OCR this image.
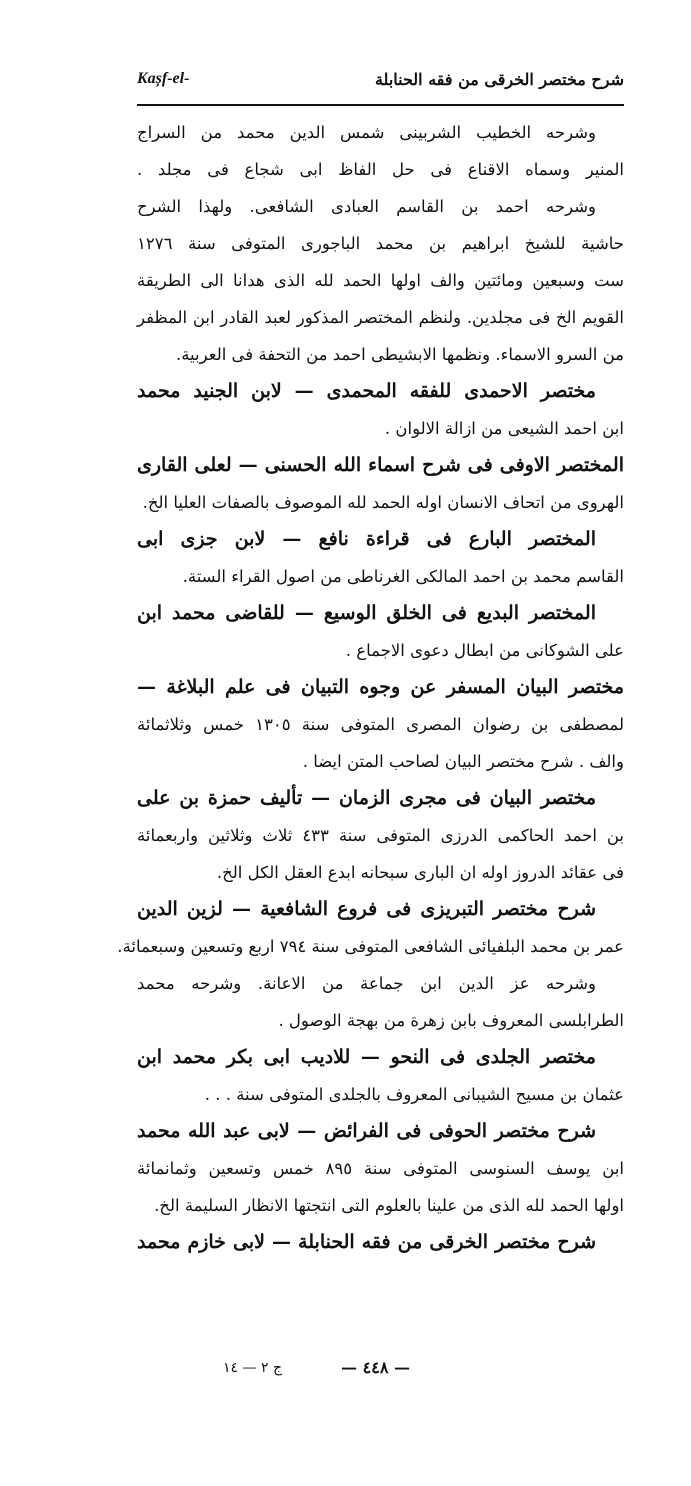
Kașf-el-	شرح مختصر الخرقى من فقه الحنابلة
وشرحه الخطيب الشربينى شمس الدين محمد من السراج
المنير وسماه الاقناع فى حل الفاظ ابى شجاع فى مجلد .
وشرحه احمد بن القاسم العبادى الشافعى. ولهذا الشرح
حاشية للشيخ ابراهيم بن محمد الباجورى المتوفى سنة ١٢٧٦
ست وسبعين ومائتين والف اولها الحمد لله الذى هدانا الى الطريقة
القويم الخ فى مجلدين. ولنظم المختصر المذكور لعبد القادر ابن المظفر
من السرو الاسماء. ونظمها الابشيطى احمد من التحفة فى العربية.
مختصر الاحمدى للفقه المحمدى — لابن الجنيد محمد
ابن احمد الشيعى من ازالة الالوان .
المختصر الاوفى فى شرح اسماء الله الحسنى — لعلى القارى
الهروى من اتحاف الانسان اوله الحمد لله الموصوف بالصفات العليا الخ.
المختصر البارع فى قراءة نافع — لابن جزى ابى
القاسم محمد بن احمد المالكى الغرناطى من اصول القراء الستة.
المختصر البديع فى الخلق الوسيع — للقاضى محمد ابن
على الشوكانى من ابطال دعوى الاجماع .
مختصر البيان المسفر عن وجوه التبيان فى علم البلاغة —
لمصطفى بن رضوان المصرى المتوفى سنة ١٣٠٥ خمس وثلاثمائة
والف . شرح مختصر البيان لصاحب المتن ايضا .
مختصر البيان فى مجرى الزمان — تأليف حمزة بن على
بن احمد الحاكمى الدرزى المتوفى سنة ٤٣٣ ثلاث وثلاثين واربعمائة
فى عقائد الدروز اوله ان البارى سبحانه ابدع العقل الكل الخ.
شرح مختصر التبريزى فى فروع الشافعية — لزين الدين
عمر بن محمد البلفيائى الشافعى المتوفى سنة ٧٩٤ اربع وتسعين وسبعمائة.
وشرحه عز الدين ابن جماعة من الاعانة. وشرحه محمد
الطرابلسى المعروف بابن زهرة من بهجة الوصول .
مختصر الجلدى فى النحو — للاديب ابى بكر محمد ابن
عثمان بن مسيح الشيبانى المعروف بالجلدى المتوفى سنة . . .
شرح مختصر الحوفى فى الفرائض — لابى عبد الله محمد
ابن يوسف السنوسى المتوفى سنة ٨٩٥ خمس وتسعين وثمانمائة
اولها الحمد لله الذى من علينا بالعلوم التى انتجتها الانظار السليمة الخ.
شرح مختصر الخرقى من فقه الحنابلة — لابى خازم محمد
— ٤٤٨ —
ج ٢ — ١٤
